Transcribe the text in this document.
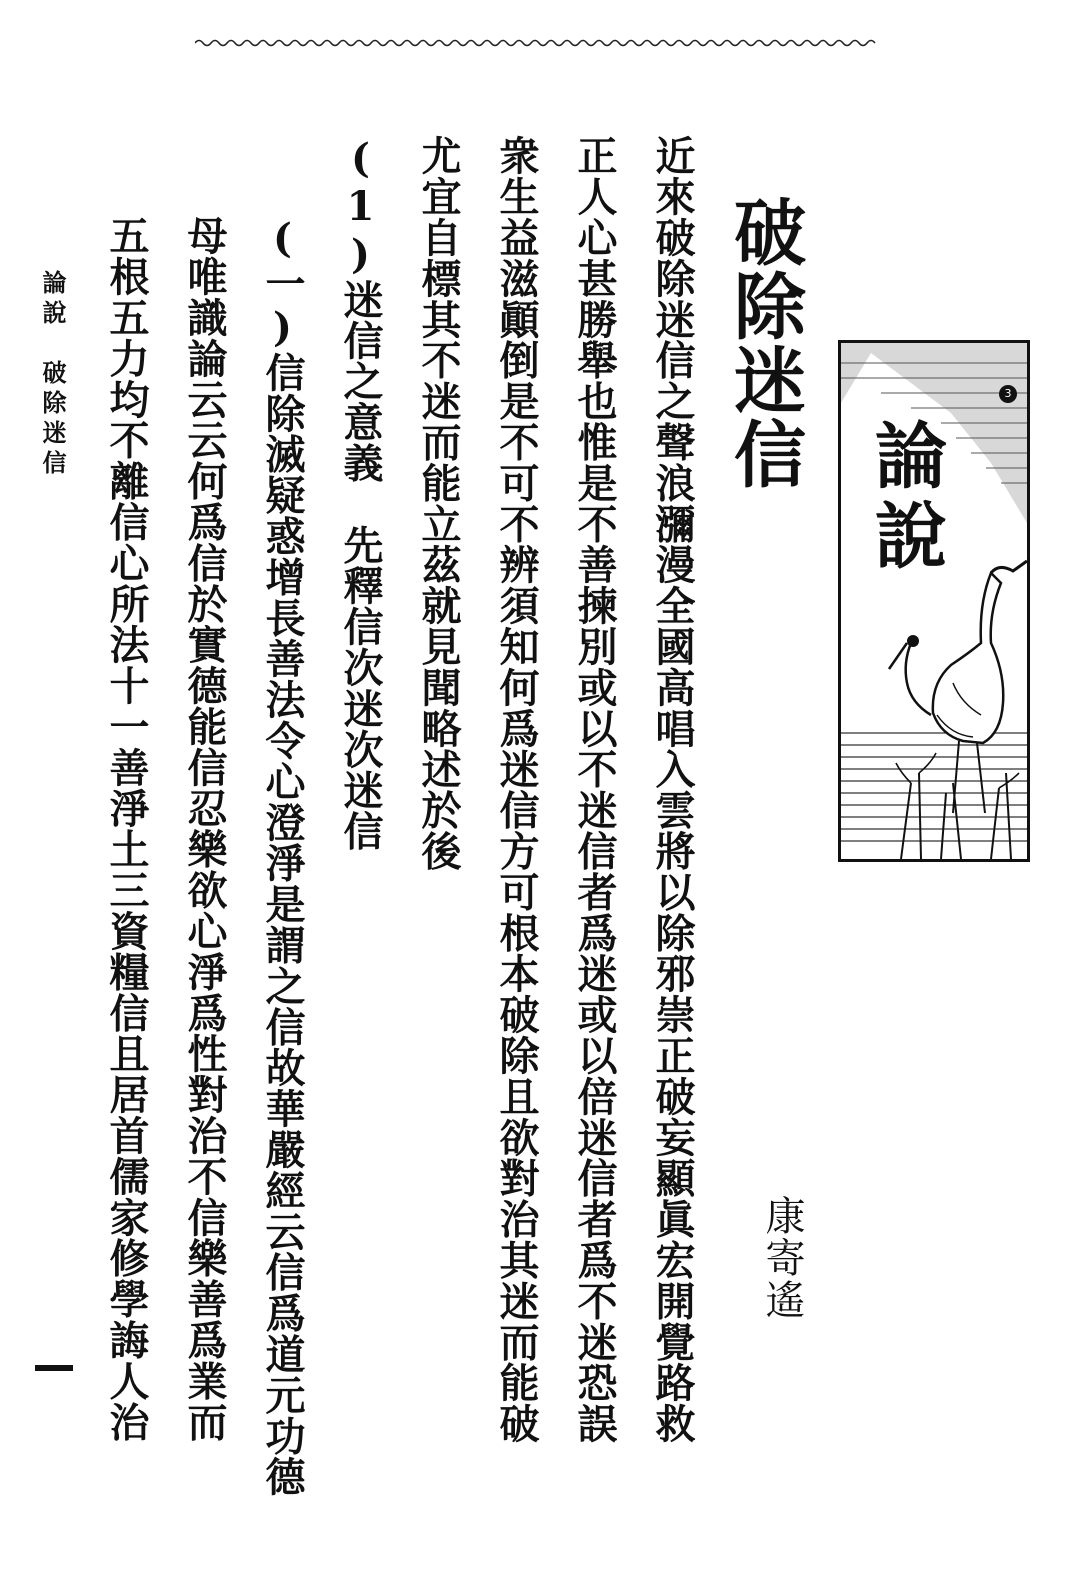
論說
3
破除迷信
康寄遙
近來破除迷信之聲浪瀰漫全國高唱入雲將以除邪崇正破妄顯眞宏開覺路救
正人心甚勝舉也惟是不善揀別或以不迷信者爲迷或以倍迷信者爲不迷恐誤
衆生益滋顚倒是不可不辨須知何爲迷信方可根本破除且欲對治其迷而能破
尤宜自標其不迷而能立茲就見聞略述於後
(1)迷信之意義　先釋信次迷次迷信
(一)信除滅疑惑增長善法令心澄淨是謂之信故華嚴經云信爲道元功德
母唯識論云云何爲信於實德能信忍樂欲心淨爲性對治不信樂善爲業而
五根五力均不離信心所法十一善淨土三資糧信且居首儒家修學誨人治
論說　破除迷信
